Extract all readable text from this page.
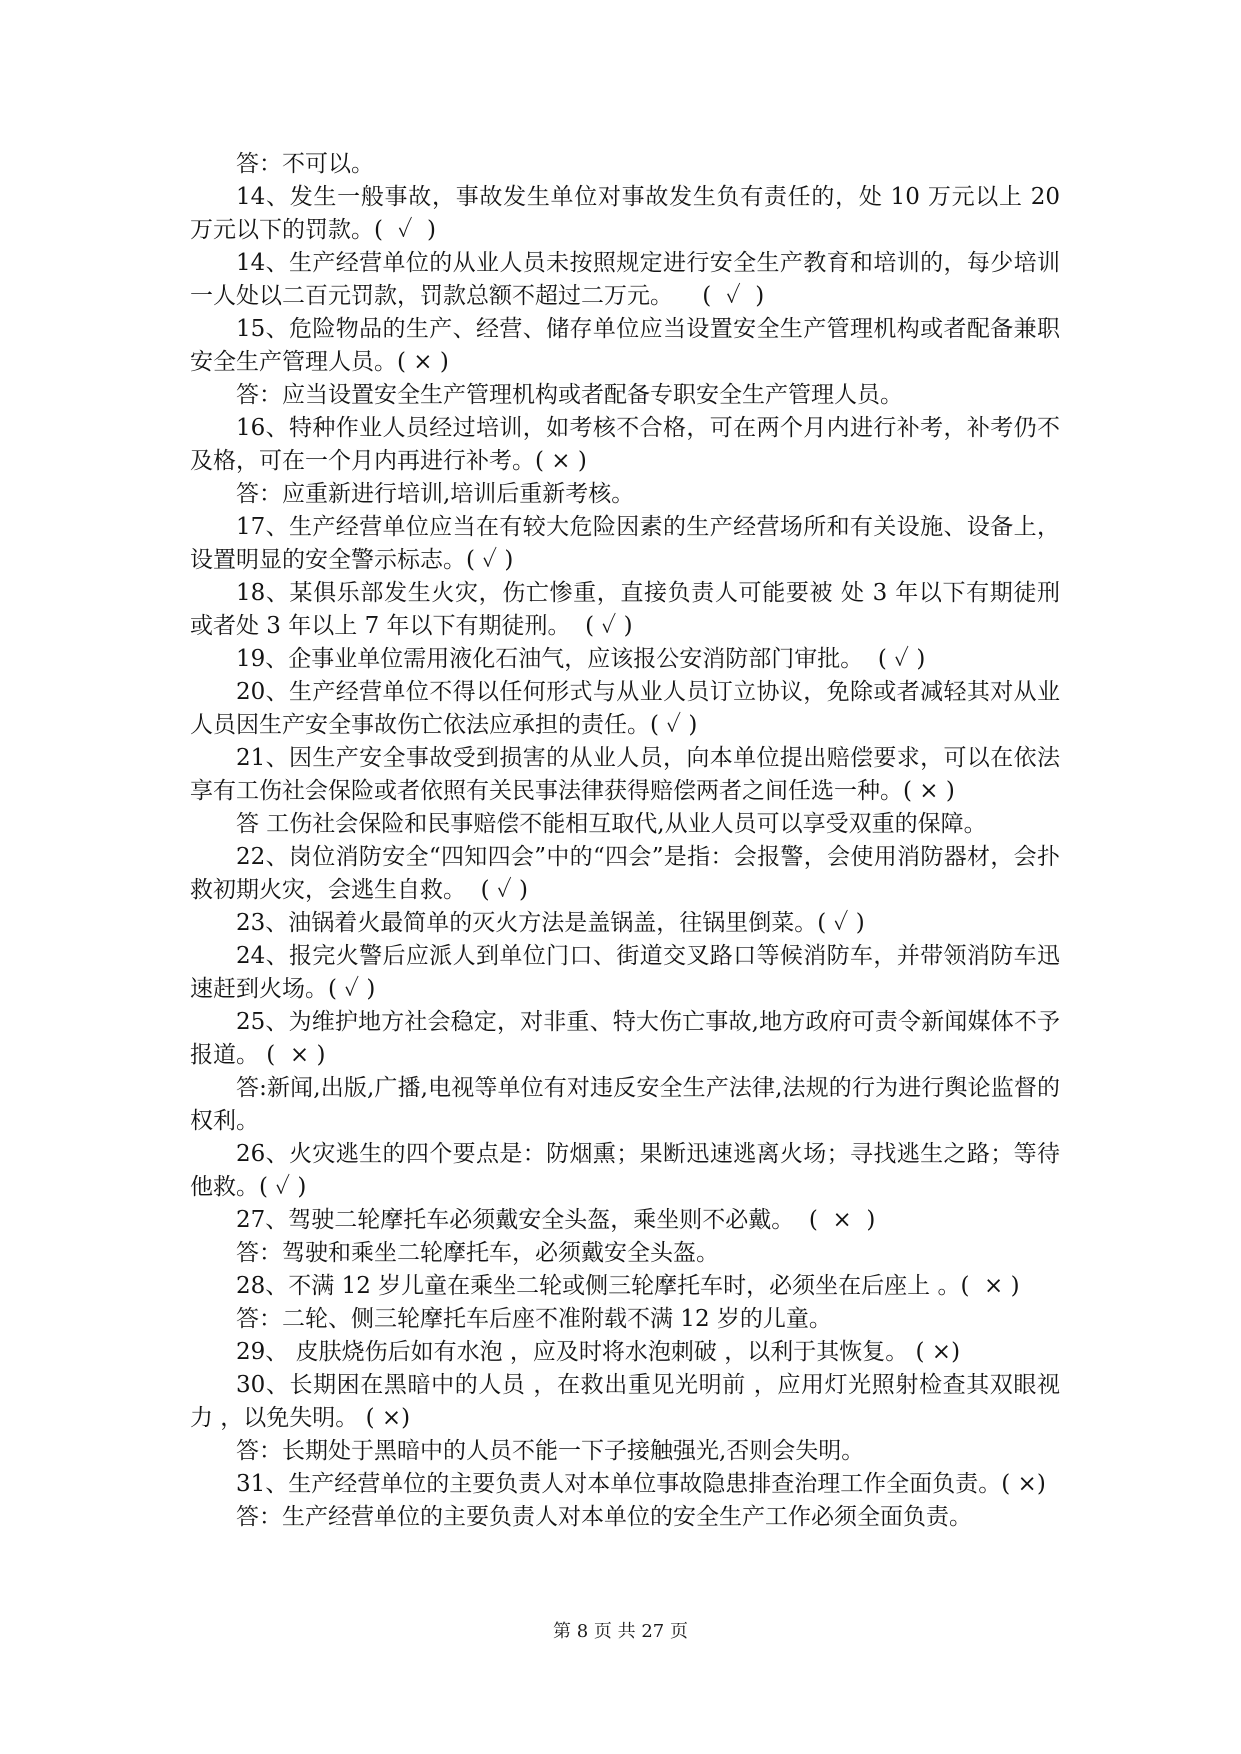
答：不可以。

14、发生一般事故，事故发生单位对事故发生负有责任的，处 10 万元以上 20 万元以下的罚款。(  ✓  )

14、生产经营单位的从业人员未按照规定进行安全生产教育和培训的，每少培训一人处以二百元罚款，罚款总额不超过二万元。    (  ✓  )

15、危险物品的生产、经营、储存单位应当设置安全生产管理机构或者配备兼职安全生产管理人员。( × )

答：应当设置安全生产管理机构或者配备专职安全生产管理人员。

16、特种作业人员经过培训，如考核不合格，可在两个月内进行补考，补考仍不及格，可在一个月内再进行补考。( × )

答：应重新进行培训,培训后重新考核。

17、生产经营单位应当在有较大危险因素的生产经营场所和有关设施、设备上，设置明显的安全警示标志。( ✓ )

18、某俱乐部发生火灾，伤亡惨重，直接负责人可能要被 处 3 年以下有期徒刑或者处 3 年以上 7 年以下有期徒刑。  ( ✓ )

19、企事业单位需用液化石油气，应该报公安消防部门审批。  ( ✓ )

20、生产经营单位不得以任何形式与从业人员订立协议，免除或者减轻其对从业人员因生产安全事故伤亡依法应承担的责任。( ✓ )

21、因生产安全事故受到损害的从业人员，向本单位提出赔偿要求，可以在依法享有工伤社会保险或者依照有关民事法律获得赔偿两者之间任选一种。( × )

答 工伤社会保险和民事赔偿不能相互取代,从业人员可以享受双重的保障。

22、岗位消防安全“四知四会”中的“四会”是指：会报警，会使用消防器材，会扑救初期火灾，会逃生自救。  ( ✓ )

23、油锅着火最简单的灭火方法是盖锅盖，往锅里倒菜。( ✓ )

24、报完火警后应派人到单位门口、街道交叉路口等候消防车，并带领消防车迅速赶到火场。( ✓ )

25、为维护地方社会稳定，对非重、特大伤亡事故,地方政府可责令新闻媒体不予报道。 (  × )

答:新闻,出版,广播,电视等单位有对违反安全生产法律,法规的行为进行舆论监督的权利。

26、火灾逃生的四个要点是：防烟熏；果断迅速逃离火场；寻找逃生之路；等待他救。( ✓ )

27、驾驶二轮摩托车必须戴安全头盔，乘坐则不必戴。  (  ×  )

答：驾驶和乘坐二轮摩托车，必须戴安全头盔。

28、不满 12 岁儿童在乘坐二轮或侧三轮摩托车时，必须坐在后座上 。(  × )

答：二轮、侧三轮摩托车后座不准附载不满 12 岁的儿童。

29、 皮肤烧伤后如有水泡 ，应及时将水泡刺破 ，以利于其恢复。 ( ×)

30、长期困在黑暗中的人员 ，在救出重见光明前 ，应用灯光照射检查其双眼视力 ，以免失明。 ( ×)

答：长期处于黑暗中的人员不能一下子接触强光,否则会失明。

31、生产经营单位的主要负责人对本单位事故隐患排查治理工作全面负责。( ×)

答：生产经营单位的主要负责人对本单位的安全生产工作必须全面负责。

第 8 页 共 27 页
